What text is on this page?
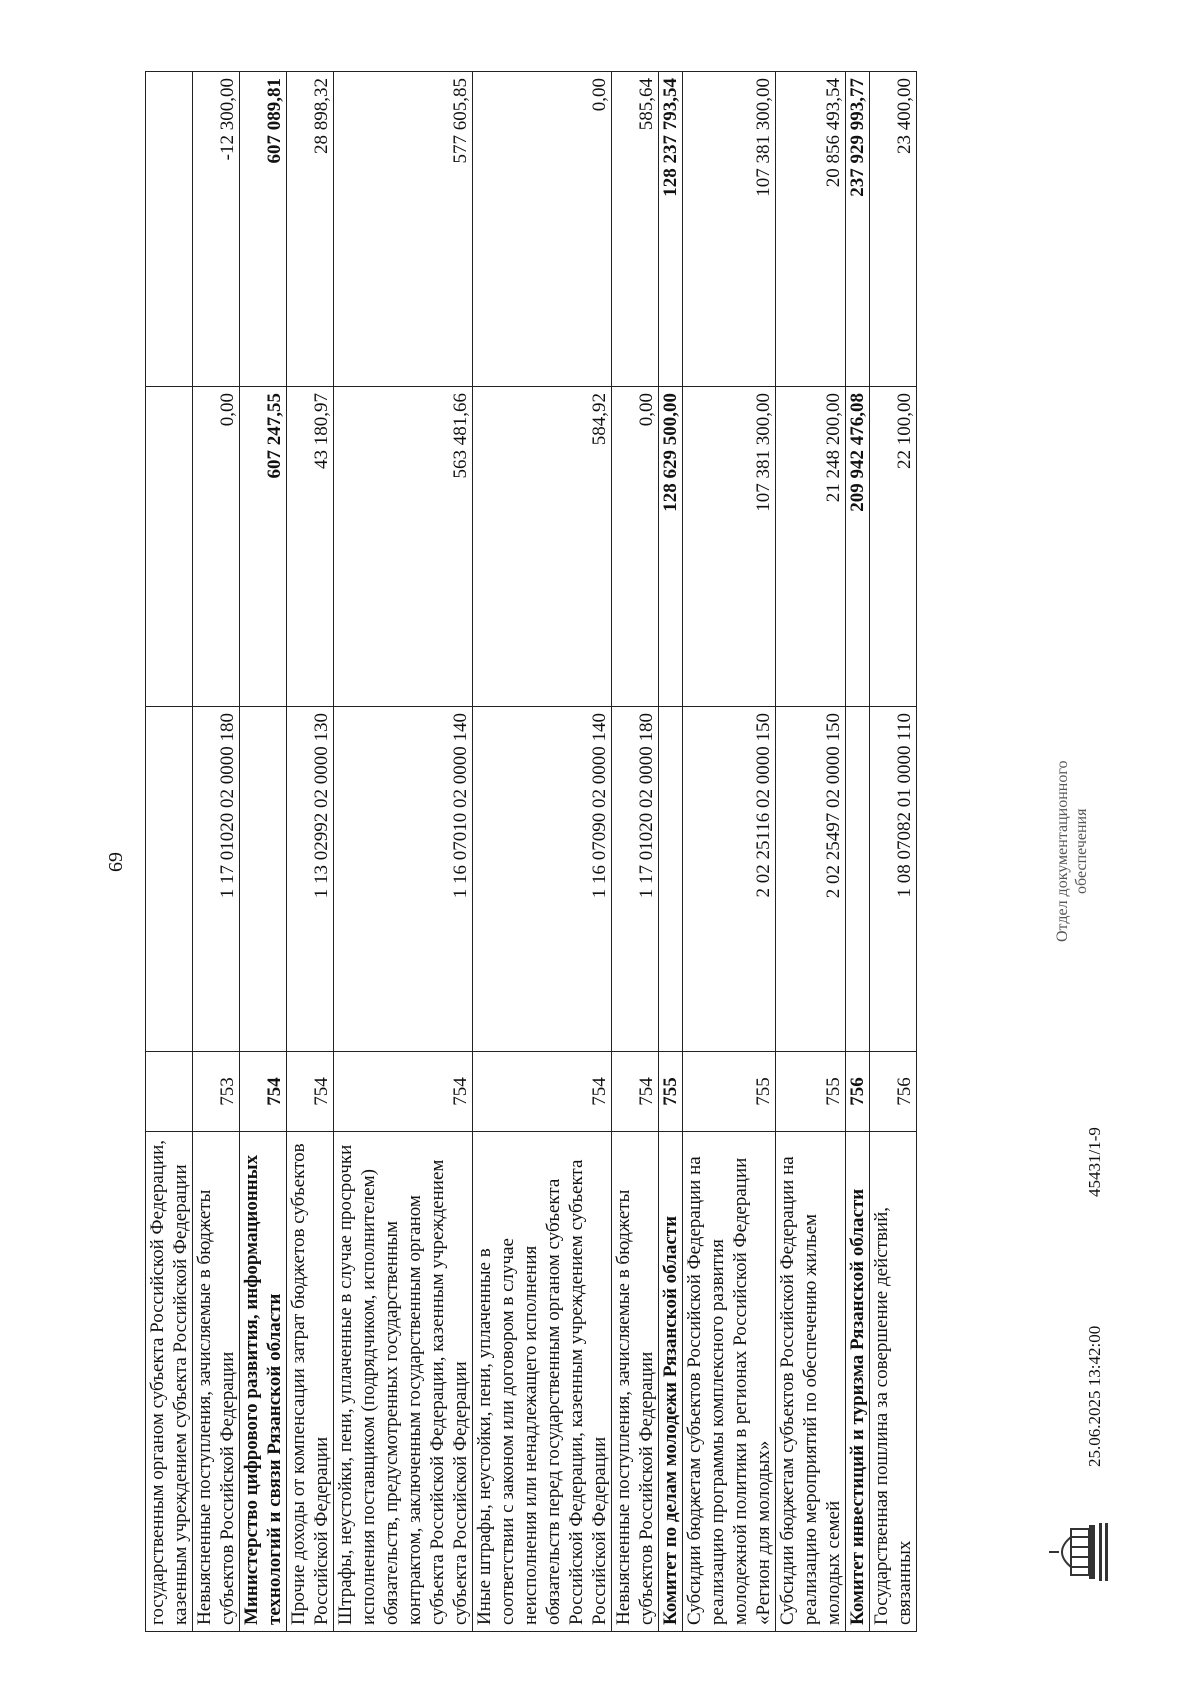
69
государственным органом субъекта Российской Федерации, казенным учреждением субъекта Российской Федерации				
Невыясненные поступления, зачисляемые в бюджеты субъектов Российской Федерации	753	1 17 01020 02 0000 180	0,00	-12 300,00
Министерство цифрового развития, информационных технологий и связи Рязанской области	754		607 247,55	607 089,81
Прочие доходы от компенсации затрат бюджетов субъектов Российской Федерации	754	1 13 02992 02 0000 130	43 180,97	28 898,32
Штрафы, неустойки, пени, уплаченные в случае просрочки исполнения поставщиком (подрядчиком, исполнителем) обязательств, предусмотренных государственным контрактом, заключенным государственным органом субъекта Российской Федерации, казенным учреждением субъекта Российской Федерации	754	1 16 07010 02 0000 140	563 481,66	577 605,85
Иные штрафы, неустойки, пени, уплаченные в соответствии с законом или договором в случае неисполнения или ненадлежащего исполнения обязательств перед государственным органом субъекта Российской Федерации, казенным учреждением субъекта Российской Федерации	754	1 16 07090 02 0000 140	584,92	0,00
Невыясненные поступления, зачисляемые в бюджеты субъектов Российской Федерации	754	1 17 01020 02 0000 180	0,00	585,64
Комитет по делам молодежи Рязанской области	755		128 629 500,00	128 237 793,54
Субсидии бюджетам субъектов Российской Федерации на реализацию программы комплексного развития молодежной политики в регионах Российской Федерации «Регион для молодых»	755	2 02 25116 02 0000 150	107 381 300,00	107 381 300,00
Субсидии бюджетам субъектов Российской Федерации на реализацию мероприятий по обеспечению жильем молодых семей	755	2 02 25497 02 0000 150	21 248 200,00	20 856 493,54
Комитет инвестиций и туризма Рязанской области	756		209 942 476,08	237 929 993,77
Государственная пошлина за совершение действий, связанных	756	1 08 07082 01 0000 110	22 100,00	23 400,00
25.06.2025 13:42:00
45431/1-9
Отдел документационного обеспечения
